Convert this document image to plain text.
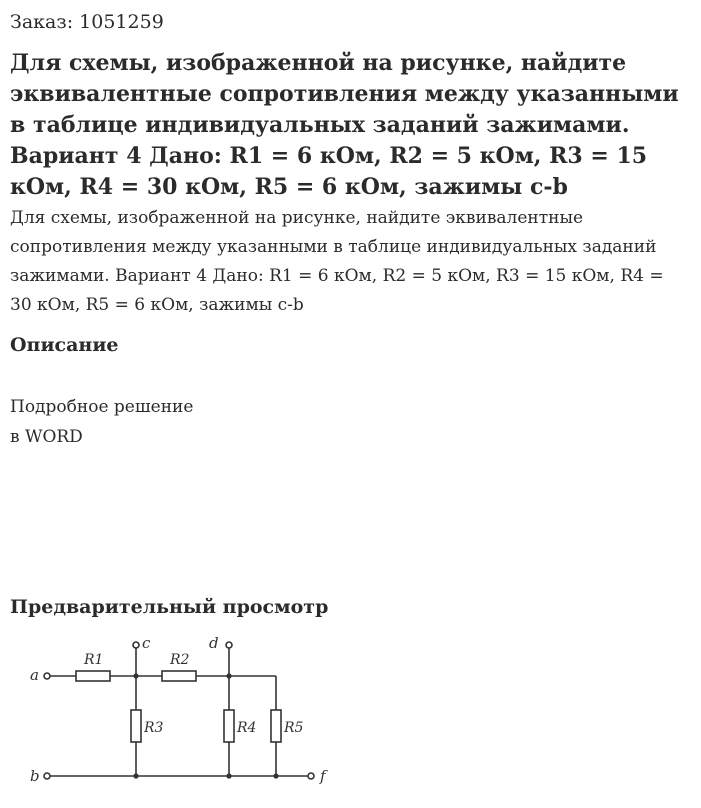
Заказ: 1051259
Для схемы, изображенной на рисунке, найдите эквивалентные сопротивления между указанными в таблице индивидуальных заданий зажимами. Вариант 4 Дано: R1 = 6 кОм, R2 = 5 кОм, R3 = 15 кОм, R4 = 30 кОм, R5 = 6 кОм, зажимы c-b

Для схемы, изображенной на рисунке, найдите эквивалентные сопротивления между указанными в таблице индивидуальных заданий зажимами. Вариант 4 Дано: R1 = 6 кОм, R2 = 5 кОм, R3 = 15 кОм, R4 = 30 кОм, R5 = 6 кОм, зажимы c-b

Описание
Подробное решение
в WORD
Предварительный просмотр
a
b
c	d
f
R1	R2
R3	R4 R5
